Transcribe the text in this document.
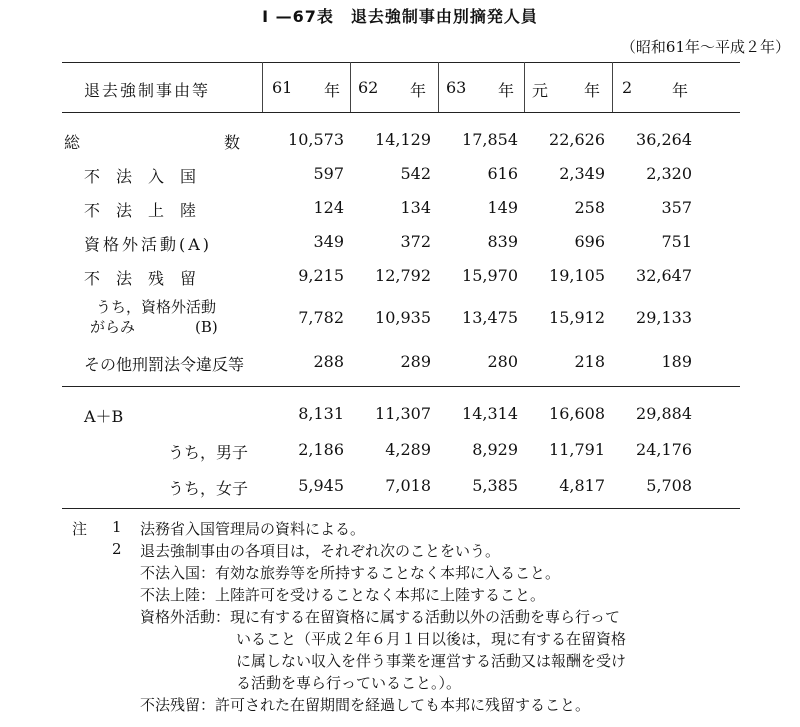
I —67表　退去強制事由別摘発人員
（昭和61年～平成２年）
退去強制事由等	61 年 62 年 63 年 元 年 2 年
総　　　　　　　数	10,573	14,129	17,854	22,626	36,264
不　法　入　国	597	542	616	2,349	2,320
不　法　上　陸	124	134	149	258	357
資格外活動(A)	349	372	839	696	751
不　法　残　留	9,215	12,792	15,970	19,105	32,647
うち，資格外活動
がらみ　　　　(B)	7,782	10,935	13,475	15,912	29,133
その他刑罰法令違反等	288	289	280	218	189
A＋B	8,131	11,307	14,314	16,608	29,884
うち，男子	2,186	4,289	8,929	11,791	24,176
うち，女子	5,945	7,018	5,385	4,817	5,708
注 1 法務省入国管理局の資料による。
2 退去強制事由の各項目は，それぞれ次のことをいう。
不法入国：有効な旅券等を所持することなく本邦に入ること。
不法上陸：上陸許可を受けることなく本邦に上陸すること。
資格外活動：現に有する在留資格に属する活動以外の活動を専ら行って
いること（平成２年６月１日以後は，現に有する在留資格
に属しない収入を伴う事業を運営する活動又は報酬を受け
る活動を専ら行っていること。）。
不法残留：許可された在留期間を経過しても本邦に残留すること。
